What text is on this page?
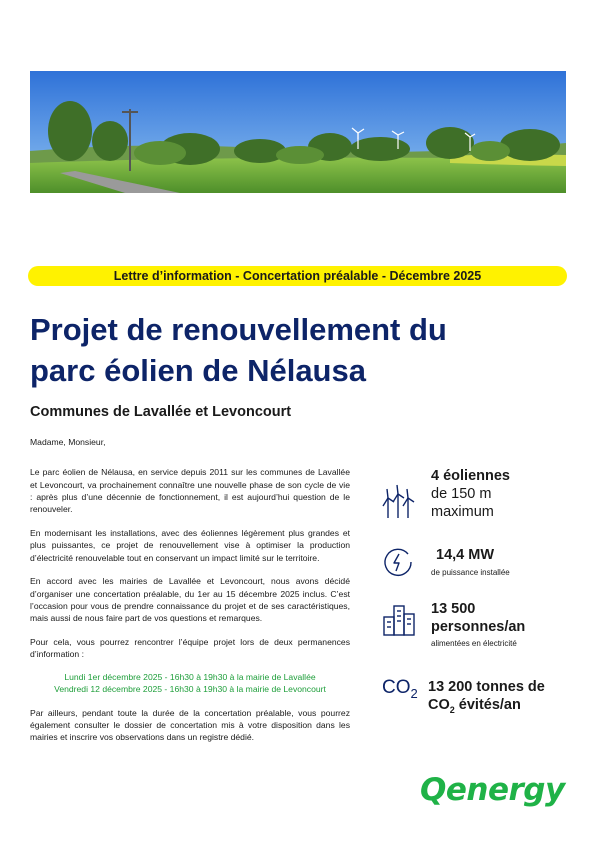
Lettre d’information - Concertation préalable - Décembre 2025
Projet de renouvellement du
parc éolien de Nélausa
Communes de Lavallée et Levoncourt

Madame, Monsieur,

Le parc éolien de Nélausa, en service depuis 2011 sur les communes de Lavallée et Levoncourt, va prochainement connaître une nouvelle phase de son cycle de vie : après plus d’une décennie de fonctionnement, il est aujourd’hui question de le renouveler.

En modernisant les installations, avec des éoliennes légèrement plus grandes et plus puissantes, ce projet de renouvellement vise à optimiser la production d’électricité renouvelable tout en conservant un impact limité sur le territoire.

En accord avec les mairies de Lavallée et Levoncourt, nous avons décidé d’organiser une concertation préalable, du 1er au 15 décembre 2025 inclus. C’est l’occasion pour vous de prendre connaissance du projet et de ses caractéristiques, mais aussi de nous faire part de vos questions et remarques.

Pour cela, vous pourrez rencontrer l’équipe projet lors de deux permanences d’information :

Lundi 1er décembre 2025 - 16h30 à 19h30 à la mairie de Lavallée
Vendredi 12 décembre 2025 - 16h30 à 19h30 à la mairie de Levoncourt

Par ailleurs, pendant toute la durée de la concertation préalable, vous pourrez également consulter le dossier de concertation mis à votre disposition dans les mairies et inscrire vos observations dans un registre dédié.

4 éoliennes
de 150 m
maximum
14,4 MW
de puissance installée
13 500
personnes/an
alimentées en électricité
$CO_2$ 13 200 tonnes de
$CO_2$ évités/an
Qenergy
